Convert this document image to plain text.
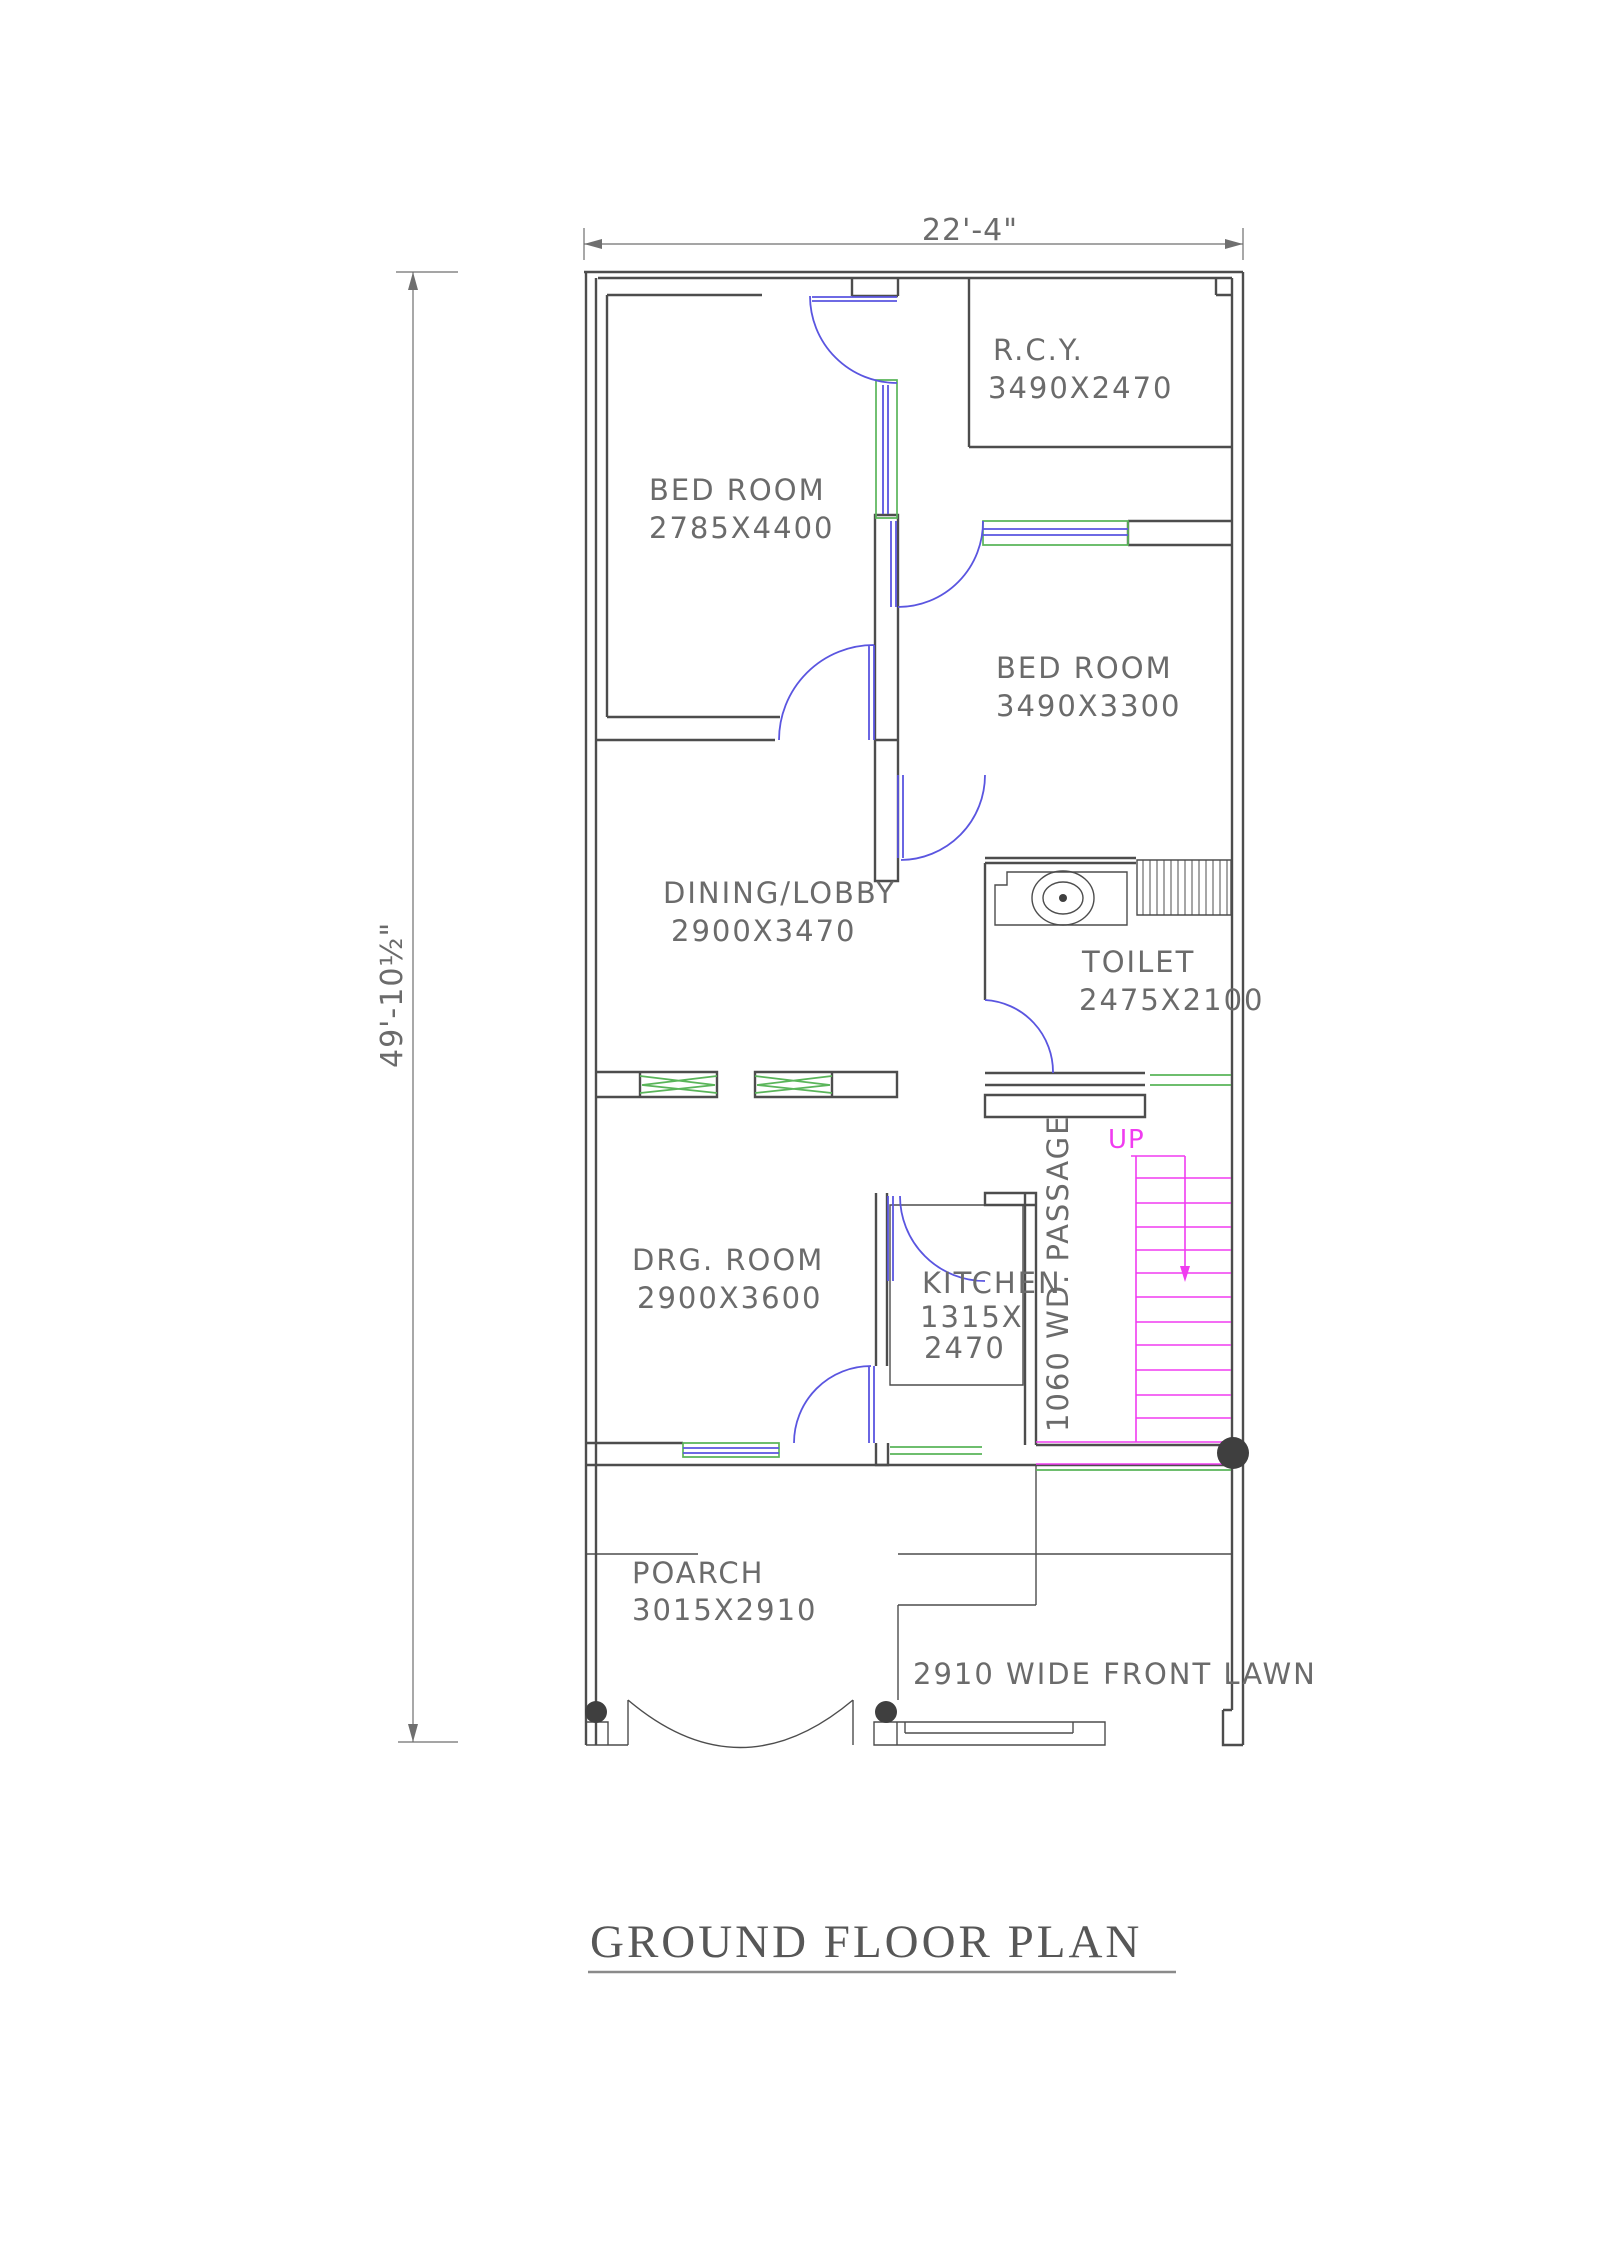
22'-4"
49'-10½"
R.C.Y.
3490X2470
BED ROOM
2785X4400
BED ROOM
3490X3300
DINING/LOBBY
2900X3470
TOILET
2475X2100
DRG. ROOM
2900X3600	KITCHEN
1315X
2470 1060 WD. PASSAGE UP
POARCH
3015X2910
2910 WIDE FRONT LAWN
GROUND FLOOR PLAN
